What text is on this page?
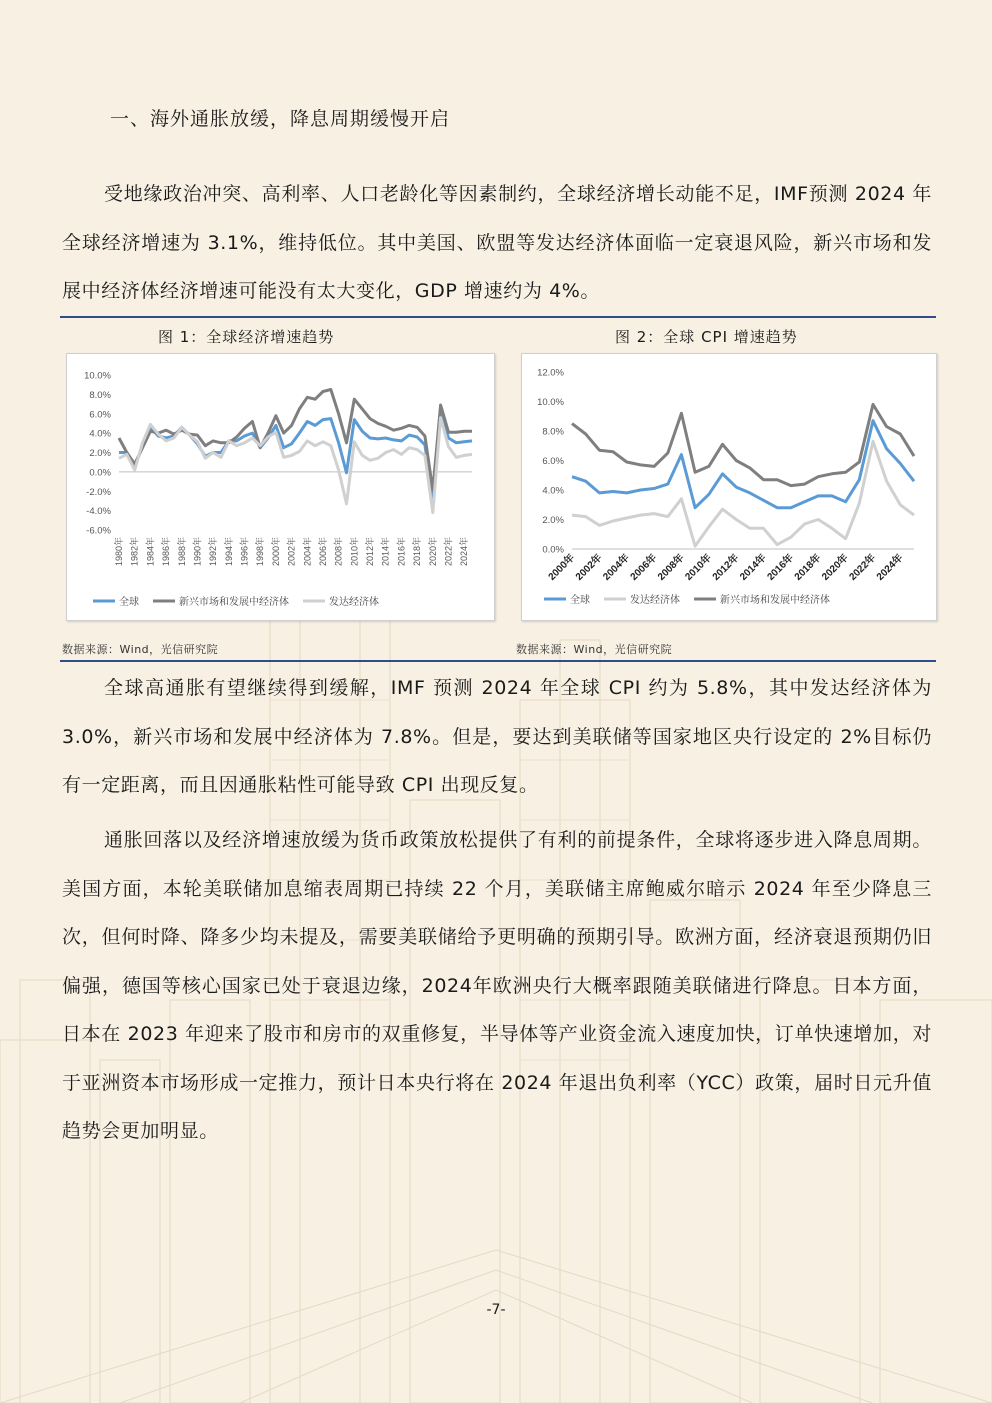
一、海外通胀放缓，降息周期缓慢开启

受地缘政治冲突、高利率、人口老龄化等因素制约，全球经济增长动能不足，IMF预测 2024 年全球经济增速为 3.1%，维持低位。其中美国、欧盟等发达经济体面临一定衰退风险，新兴市场和发展中经济体经济增速可能没有太大变化，GDP 增速约为 4%。

图 1：全球经济增速趋势	图 2：全球 CPI 增速趋势
10.0%
8.0%
6.0%
4.0%
2.0%
0.0%
-2.0%
-4.0%
-6.0%
1980年 1982年 1984年 1986年 1988年 1990年 1992年 1994年 1996年 1998年 2000年 2002年 2004年 2006年 2008年 2010年 2012年 2014年 2016年 2018年 2020年 2022年 2024年
全球	新兴市场和发展中经济体	发达经济体
12.0%
10.0%
8.0%
6.0%
4.0%
2.0%
0.0%
2000年
2002年
2004年
2006年
2008年
2010年
2012年
2014年
2016年
2018年
2020年
2022年
2024年
全球	发达经济体	新兴市场和发展中经济体
数据来源：Wind，光信研究院	数据来源：Wind，光信研究院

全球高通胀有望继续得到缓解，IMF 预测 2024 年全球 CPI 约为 5.8%，其中发达经济体为 3.0%，新兴市场和发展中经济体为 7.8%。但是，要达到美联储等国家地区央行设定的 2%目标仍有一定距离，而且因通胀粘性可能导致 CPI 出现反复。

通胀回落以及经济增速放缓为货币政策放松提供了有利的前提条件，全球将逐步进入降息周期。美国方面，本轮美联储加息缩表周期已持续 22 个月，美联储主席鲍威尔暗示 2024 年至少降息三次，但何时降、降多少均未提及，需要美联储给予更明确的预期引导。欧洲方面，经济衰退预期仍旧偏强，德国等核心国家已处于衰退边缘，2024年欧洲央行大概率跟随美联储进行降息。日本方面，日本在 2023 年迎来了股市和房市的双重修复，半导体等产业资金流入速度加快，订单快速增加，对于亚洲资本市场形成一定推力，预计日本央行将在 2024 年退出负利率（YCC）政策，届时日元升值趋势会更加明显。

-7-
